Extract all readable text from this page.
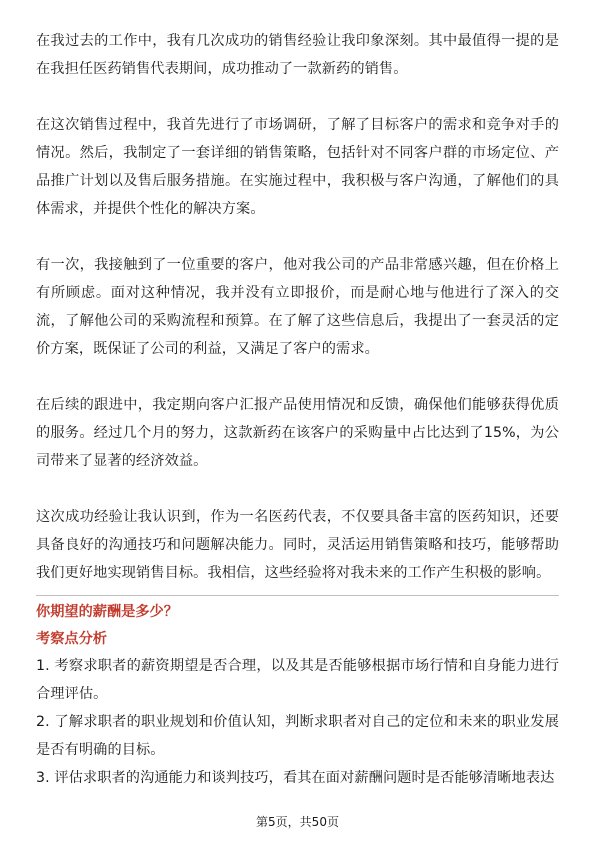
在我过去的工作中，我有几次成功的销售经验让我印象深刻。其中最值得一提的是在我担任医药销售代表期间，成功推动了一款新药的销售。

在这次销售过程中，我首先进行了市场调研，了解了目标客户的需求和竞争对手的情况。然后，我制定了一套详细的销售策略，包括针对不同客户群的市场定位、产品推广计划以及售后服务措施。在实施过程中，我积极与客户沟通，了解他们的具体需求，并提供个性化的解决方案。

有一次，我接触到了一位重要的客户，他对我公司的产品非常感兴趣，但在价格上有所顾虑。面对这种情况，我并没有立即报价，而是耐心地与他进行了深入的交流，了解他公司的采购流程和预算。在了解了这些信息后，我提出了一套灵活的定价方案，既保证了公司的利益，又满足了客户的需求。

在后续的跟进中，我定期向客户汇报产品使用情况和反馈，确保他们能够获得优质的服务。经过几个月的努力，这款新药在该客户的采购量中占比达到了15%，为公司带来了显著的经济效益。

这次成功经验让我认识到，作为一名医药代表，不仅要具备丰富的医药知识，还要具备良好的沟通技巧和问题解决能力。同时，灵活运用销售策略和技巧，能够帮助我们更好地实现销售目标。我相信，这些经验将对我未来的工作产生积极的影响。

你期望的薪酬是多少？

考察点分析

1. 考察求职者的薪资期望是否合理，以及其是否能够根据市场行情和自身能力进行合理评估。

2. 了解求职者的职业规划和价值认知，判断求职者对自己的定位和未来的职业发展是否有明确的目标。

3. 评估求职者的沟通能力和谈判技巧，看其在面对薪酬问题时是否能够清晰地表达

第5页，共50页
